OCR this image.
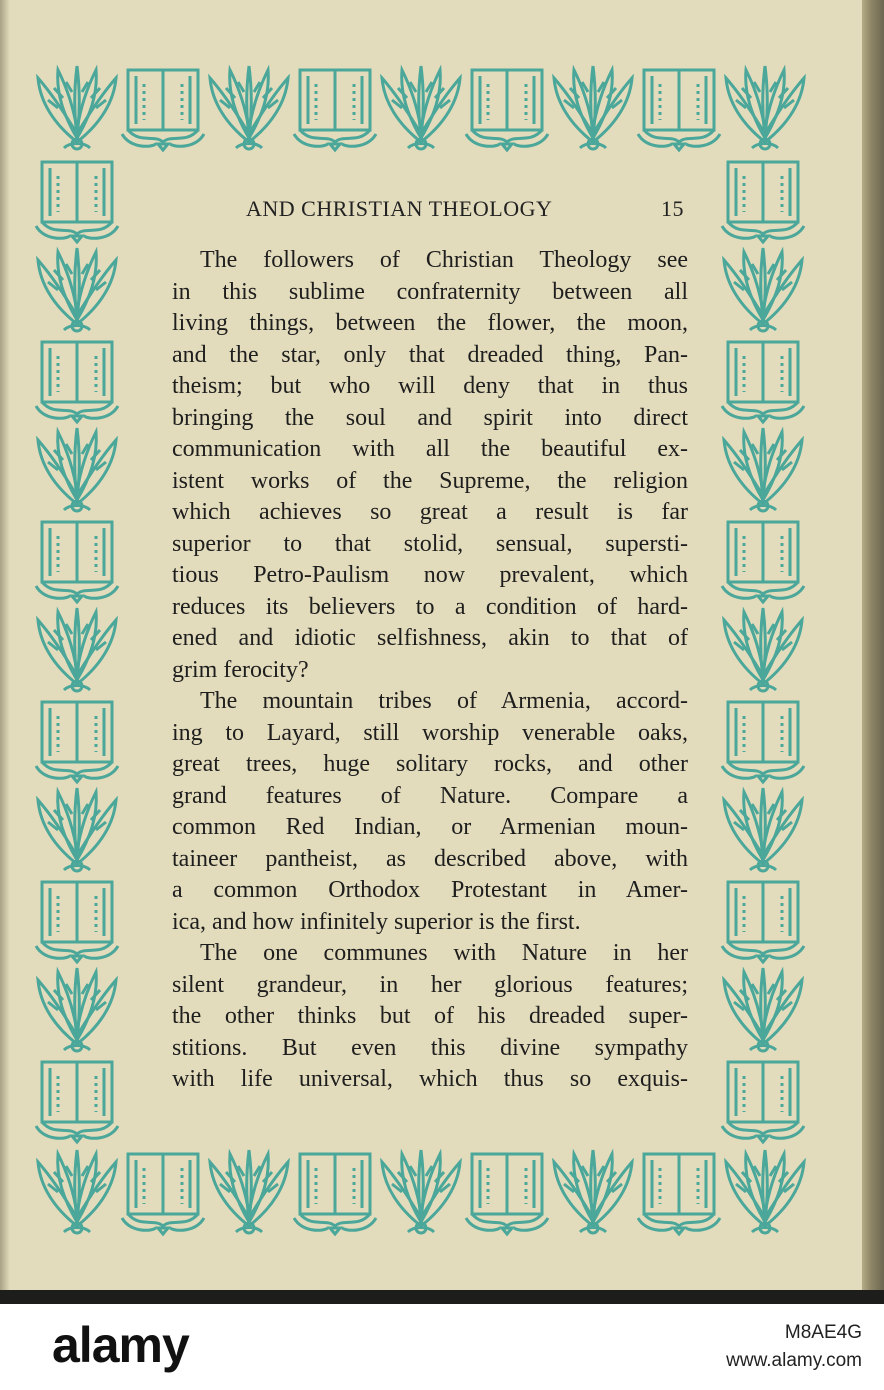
AND CHRISTIAN THEOLOGY	15
The followers of Christian Theology see
in this sublime confraternity between all
living things, between the flower, the moon,
and the star, only that dreaded thing, Pan-
theism; but who will deny that in thus
bringing the soul and spirit into direct
communication with all the beautiful ex-
istent works of the Supreme, the religion
which achieves so great a result is far
superior to that stolid, sensual, supersti-
tious Petro-Paulism now prevalent, which
reduces its believers to a condition of hard-
ened and idiotic selfishness, akin to that of
grim ferocity?
The mountain tribes of Armenia, accord-
ing to Layard, still worship venerable oaks,
great trees, huge solitary rocks, and other
grand features of Nature. Compare a
common Red Indian, or Armenian moun-
taineer pantheist, as described above, with
a common Orthodox Protestant in Amer-
ica, and how infinitely superior is the first.
The one communes with Nature in her
silent grandeur, in her glorious features;
the other thinks but of his dreaded super-
stitions. But even this divine sympathy
with life universal, which thus so exquis-
alamy	M8AE4G
www.alamy.com
